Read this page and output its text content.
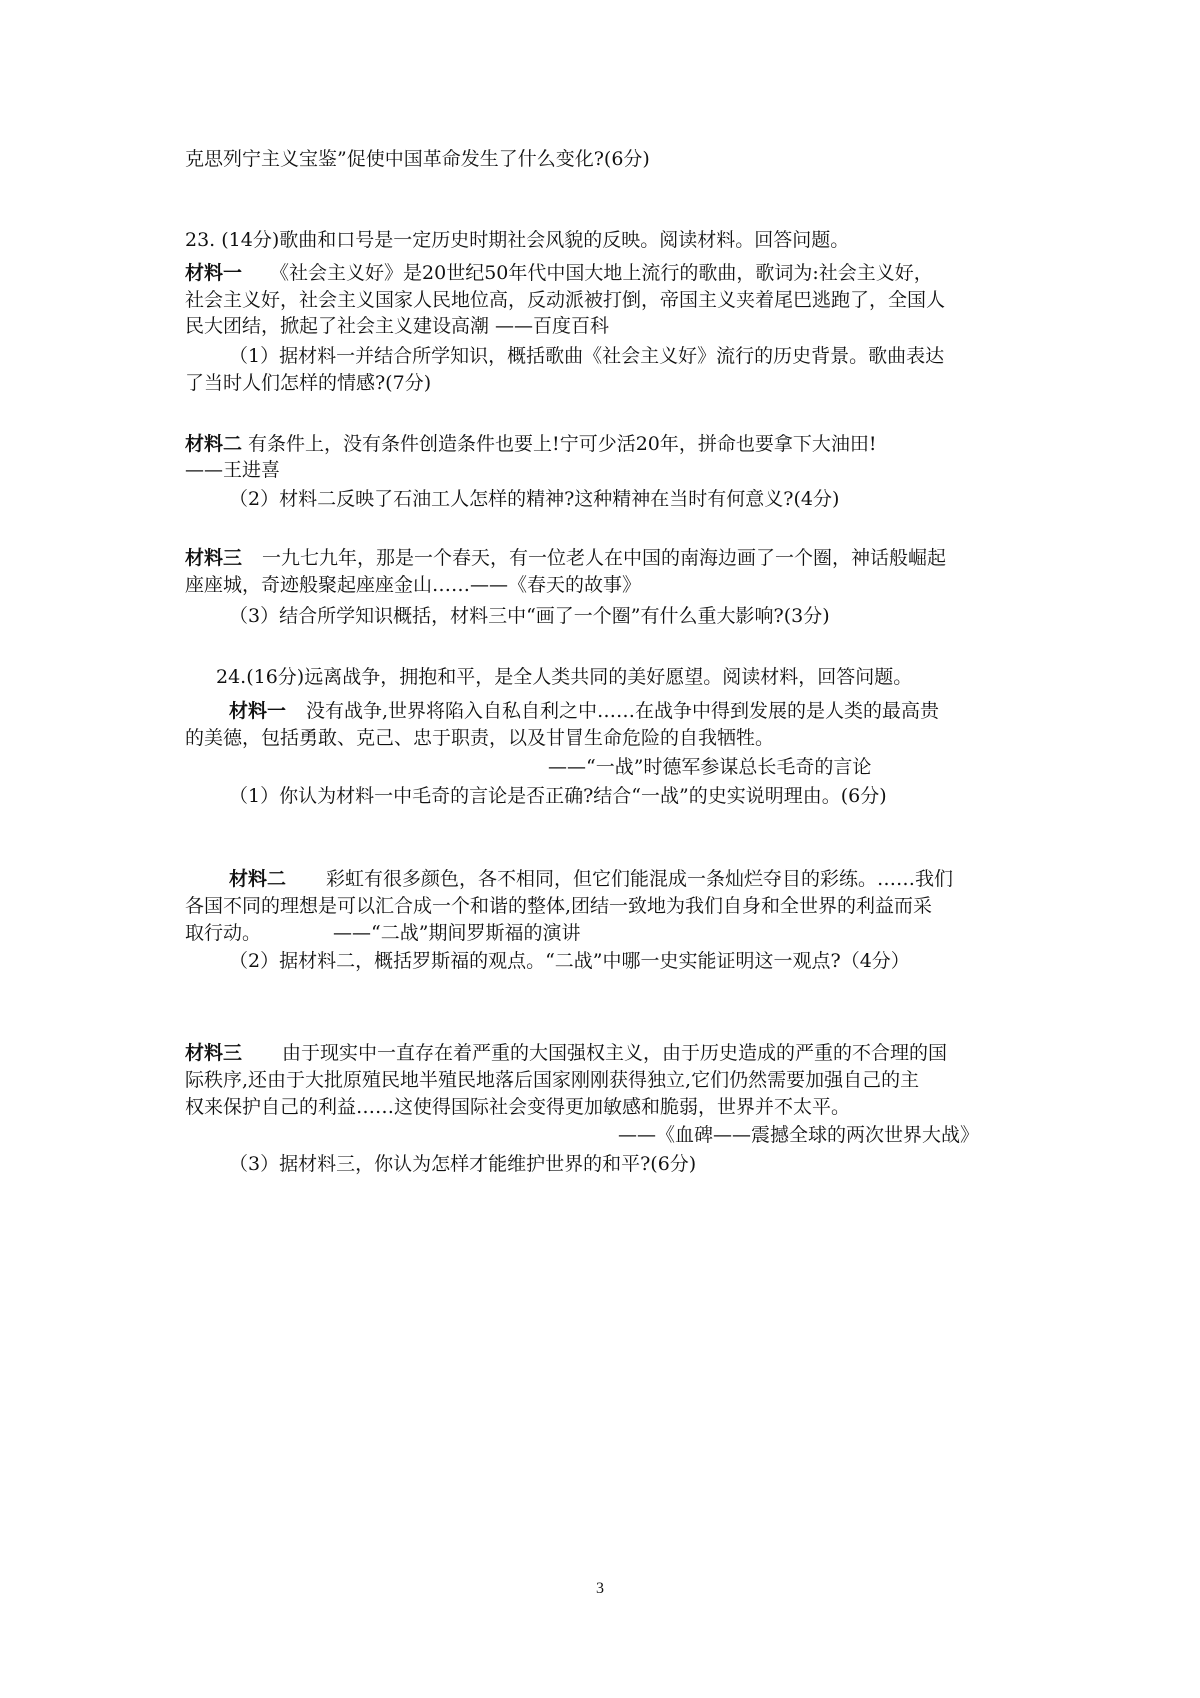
克思列宁主义宝鉴”促使中国革命发生了什么变化?(6分)
23. (14分)歌曲和口号是一定历史时期社会风貌的反映。阅读材料。回答问题。
材料一 《社会主义好》是20世纪50年代中国大地上流行的歌曲，歌词为:社会主义好，
社会主义好，社会主义国家人民地位高，反动派被打倒，帝国主义夹着尾巴逃跑了，全国人
民大团结，掀起了社会主义建设高潮 ——百度百科
（1）据材料一并结合所学知识，概括歌曲《社会主义好》流行的历史背景。歌曲表达
了当时人们怎样的情感?(7分)
材料二 有条件上，没有条件创造条件也要上!宁可少活20年，拼命也要拿下大油田!
——王进喜
（2）材料二反映了石油工人怎样的精神?这种精神在当时有何意义?(4分)
材料三 一九七九年，那是一个春天，有一位老人在中国的南海边画了一个圈，神话般崛起
座座城，奇迹般聚起座座金山……——《春天的故事》
（3）结合所学知识概括，材料三中“画了一个圈”有什么重大影响?(3分)
24.(16分)远离战争，拥抱和平，是全人类共同的美好愿望。阅读材料，回答问题。
材料一 没有战争,世界将陷入自私自利之中……在战争中得到发展的是人类的最高贵
的美德，包括勇敢、克己、忠于职责，以及甘冒生命危险的自我牺牲。
——“一战”时德军参谋总长毛奇的言论
（1）你认为材料一中毛奇的言论是否正确?结合“一战”的史实说明理由。(6分)
材料二 彩虹有很多颜色，各不相同，但它们能混成一条灿烂夺目的彩练。……我们
各国不同的理想是可以汇合成一个和谐的整体,团结一致地为我们自身和全世界的利益而采
取行动。	——“二战”期间罗斯福的演讲
（2）据材料二，概括罗斯福的观点。“二战”中哪一史实能证明这一观点?（4分）
材料三 由于现实中一直存在着严重的大国强权主义，由于历史造成的严重的不合理的国
际秩序,还由于大批原殖民地半殖民地落后国家刚刚获得独立,它们仍然需要加强自己的主
权来保护自己的利益……这使得国际社会变得更加敏感和脆弱，世界并不太平。
——《血碑——震撼全球的两次世界大战》
（3）据材料三，你认为怎样才能维护世界的和平?(6分)
3
